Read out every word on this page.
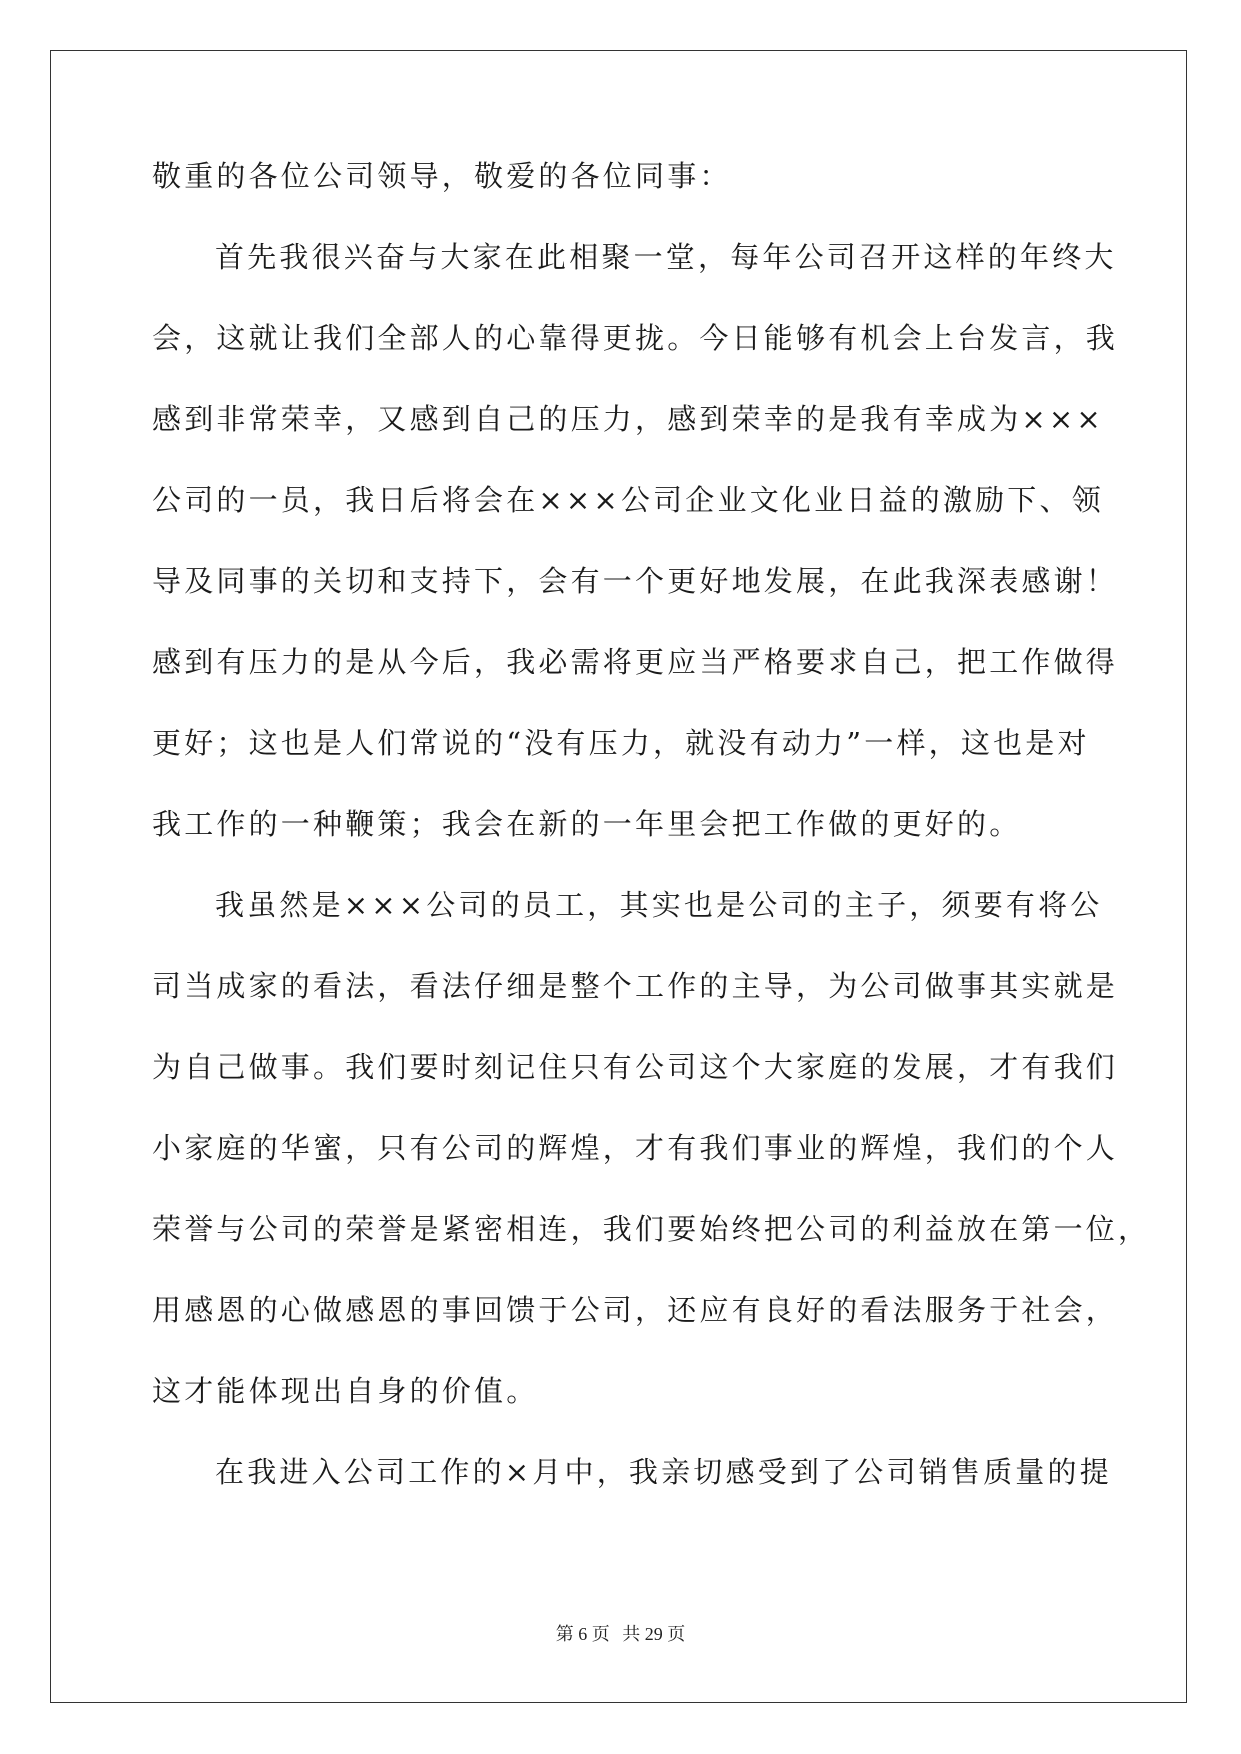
敬重的各位公司领导，敬爱的各位同事：
首先我很兴奋与大家在此相聚一堂，每年公司召开这样的年终大
会，这就让我们全部人的心靠得更拢。今日能够有机会上台发言，我
感到非常荣幸，又感到自己的压力，感到荣幸的是我有幸成为×××
公司的一员，我日后将会在×××公司企业文化业日益的激励下、领
导及同事的关切和支持下，会有一个更好地发展，在此我深表感谢！
感到有压力的是从今后，我必需将更应当严格要求自己，把工作做得
更好；这也是人们常说的“没有压力，就没有动力”一样，这也是对
我工作的一种鞭策；我会在新的一年里会把工作做的更好的。
我虽然是×××公司的员工，其实也是公司的主子，须要有将公
司当成家的看法，看法仔细是整个工作的主导，为公司做事其实就是
为自己做事。我们要时刻记住只有公司这个大家庭的发展，才有我们
小家庭的华蜜，只有公司的辉煌，才有我们事业的辉煌，我们的个人
荣誉与公司的荣誉是紧密相连，我们要始终把公司的利益放在第一位，
用感恩的心做感恩的事回馈于公司，还应有良好的看法服务于社会，
这才能体现出自身的价值。
在我进入公司工作的×月中，我亲切感受到了公司销售质量的提
第 6 页 共 29 页
